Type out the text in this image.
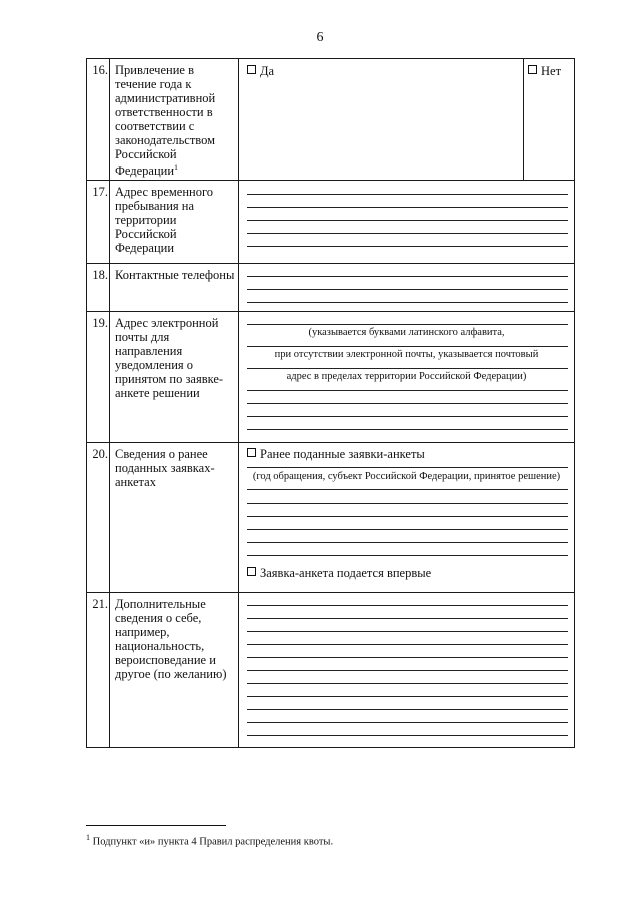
6
16.	Привлечение в течение года к административной ответственности в соответствии с законодательством Российской Федерации$^1$	Да Нет

17.	Адрес временного пребывания на территории Российской Федерации	

18.	Контактные телефоны	

19.	Адрес электронной почты для направления уведомления о принятом по заявке-анкете решении	(указывается буквами латинского алфавита,
при отсутствии электронной почты, указывается почтовый
адрес в пределах территории Российской Федерации)

20.	Сведения о ранее поданных заявках-анкетах	Ранее поданные заявки-анкеты
(год обращения, субъект Российской Федерации, принятое решение)
Заявка-анкета подается впервые

21.	Дополнительные сведения о себе, например, национальность, вероисповедание и другое (по желанию)	
$^1$ Подпункт «и» пункта 4 Правил распределения квоты.
